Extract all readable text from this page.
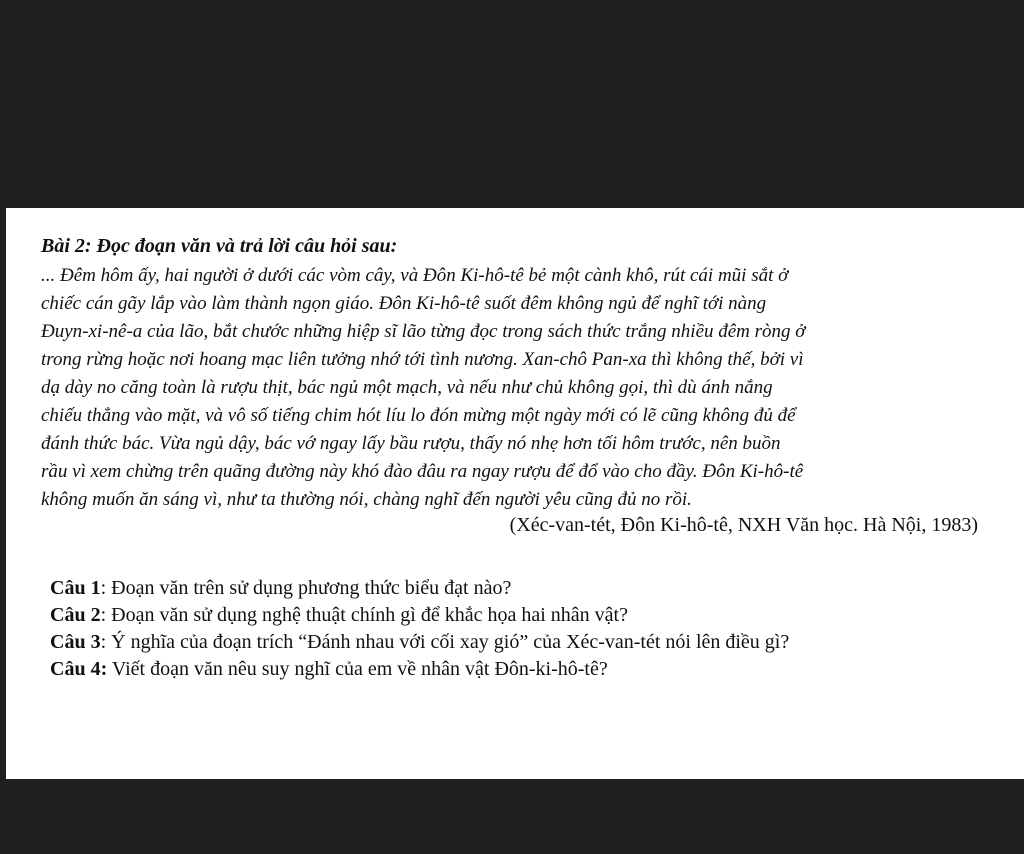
Bài 2: Đọc đoạn văn và trả lời câu hỏi sau:
... Đêm hôm ấy, hai người ở dưới các vòm cây, và Đôn Ki-hô-tê bẻ một cành khô, rút cái mũi sắt ở
chiếc cán gãy lắp vào làm thành ngọn giáo. Đôn Ki-hô-tê suốt đêm không ngủ để nghĩ tới nàng
Đuyn-xi-nê-a của lão, bắt chước những hiệp sĩ lão từng đọc trong sách thức trắng nhiều đêm ròng ở
trong rừng hoặc nơi hoang mạc liên tưởng nhớ tới tình nương. Xan-chô Pan-xa thì không thế, bởi vì
dạ dày no căng toàn là rượu thịt, bác ngủ một mạch, và nếu như chủ không gọi, thì dù ánh nắng
chiếu thẳng vào mặt, và vô số tiếng chim hót líu lo đón mừng một ngày mới có lẽ cũng không đủ để
đánh thức bác. Vừa ngủ dậy, bác vớ ngay lấy bầu rượu, thấy nó nhẹ hơn tối hôm trước, nên buồn
rầu vì xem chừng trên quãng đường này khó đào đâu ra ngay rượu để đổ vào cho đầy. Đôn Ki-hô-tê
không muốn ăn sáng vì, như ta thường nói, chàng nghĩ đến người yêu cũng đủ no rồi.
(Xéc-van-tét, Đôn Ki-hô-tê, NXH Văn học. Hà Nội, 1983)
Câu 1: Đoạn văn trên sử dụng phương thức biểu đạt nào?
Câu 2: Đoạn văn sử dụng nghệ thuật chính gì để khắc họa hai nhân vật?
Câu 3: Ý nghĩa của đoạn trích “Đánh nhau với cối xay gió” của Xéc-van-tét nói lên điều gì?
Câu 4: Viết đoạn văn nêu suy nghĩ của em về nhân vật Đôn-ki-hô-tê?
